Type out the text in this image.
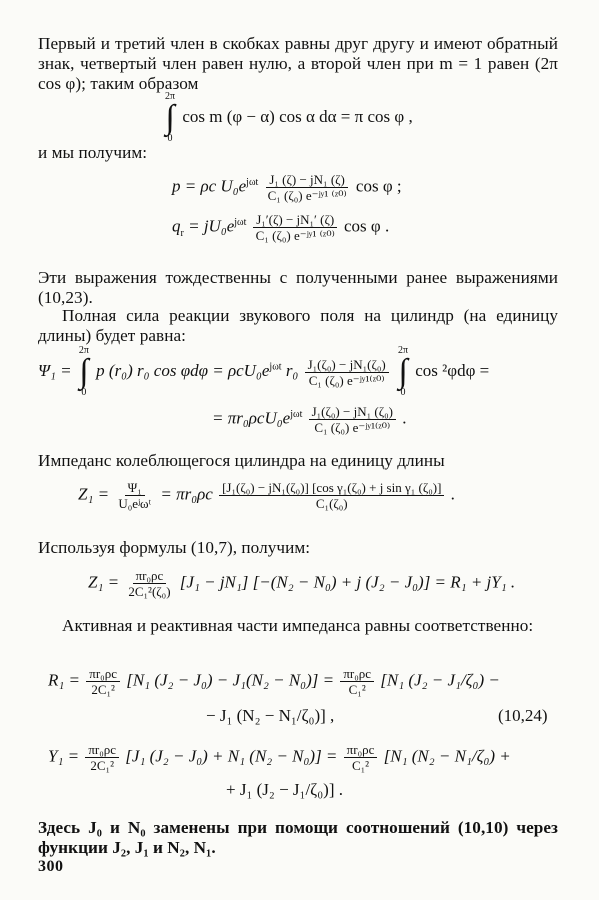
Первый и третий член в скобках равны друг другу и имеют обратный знак, четвертый член равен нулю, а второй член при m = 1 равен (2π cos φ); таким образом
2π
∫
0
cos m (φ − α) cos α dα = π cos φ ,
и мы получим:
p = ρc $U_0e^{j\omega t} \frac{\text{J₁ (ζ) − jN₁ (ζ)}}{\text{C₁ (ζ₀) e⁻ʲʸ¹ ⁽ᶻ⁰⁾}}$ cos φ ;
$q_r = jU_0e^{j\omega t} \frac{\text{J₁′(ζ) − jN₁′ (ζ)}}{\text{C₁ (ζ₀) e⁻ʲʸ¹ ⁽ᶻ⁰⁾}}$ cos φ .
Эти выражения тождественны с полученными ранее выражениями (10,23).
Полная сила реакции звукового поля на цилиндр (на единицу длины) будет равна:
Ψ₁ =
2π
∫
0
p (r₀) r₀ $\cos \varphi d\varphi = \rho cU_0e^{j\omega t}$ $r_0 \frac{\text{J₁(ζ₀) − jN₁(ζ₀)}}{\text{C₁ (ζ₀) e⁻ʲʸ¹⁽ᶻ⁰⁾}}$

2π
∫
0
cos ²φdφ =
= $\pi r_0\rho cU_0e^{j\omega t} \frac{\text{J₁(ζ₀) − jN₁ (ζ₀)}}{\text{C₁ (ζ₀) e⁻ʲʸ¹⁽ᶻ⁰⁾}}$ .
Импеданс колеблющегося цилиндра на единицу длины
$Z_1 = \frac{\text{Ψ₁}}{\text{U₀eʲωᵗ}} = \pi r_0\rho c \frac{\text{[J₁(ζ₀) − jN₁(ζ₀)] [cos γ₁(ζ₀) + j sin γ₁ (ζ₀)]}}{\text{C₁(ζ₀)}}$ .
Используя формулы (10,7), получим:
$Z_1 = \frac{\text{πr₀ρc}}{\text{2C₁²(ζ₀)}} [J_1 - jN_1] [-(N_2 - N_0) + j$ (J₂ − J₀)] = R₁ + jY₁ .
Активная и реактивная части импеданса равны соответственно:
$R_1 = \frac{\text{πr₀ρc}}{\text{2C₁²}} [N_1$ $(J_2 - J_0) - J_1(N_2 - N_0)] = \frac{\text{πr₀ρc}}{\text{C₁²}} [N_1$ (J₂ − J₁/ζ₀) −
− J₁ (N₂ − N₁/ζ₀)] ,	(10,24)
$Y_1 = \frac{\text{πr₀ρc}}{\text{2C₁²}} [J_1$ (J₂ − J₀) + N₁ $(N_2 - N_0)] = \frac{\text{πr₀ρc}}{\text{C₁²}} [N_1$ (N₂ − N₁/ζ₀) +
+ J₁ (J₂ − J₁/ζ₀)] .
Здесь J₀ и N₀ заменены при помощи соотношений (10,10) через функции J₂, J₁ и N₂, N₁.
300
